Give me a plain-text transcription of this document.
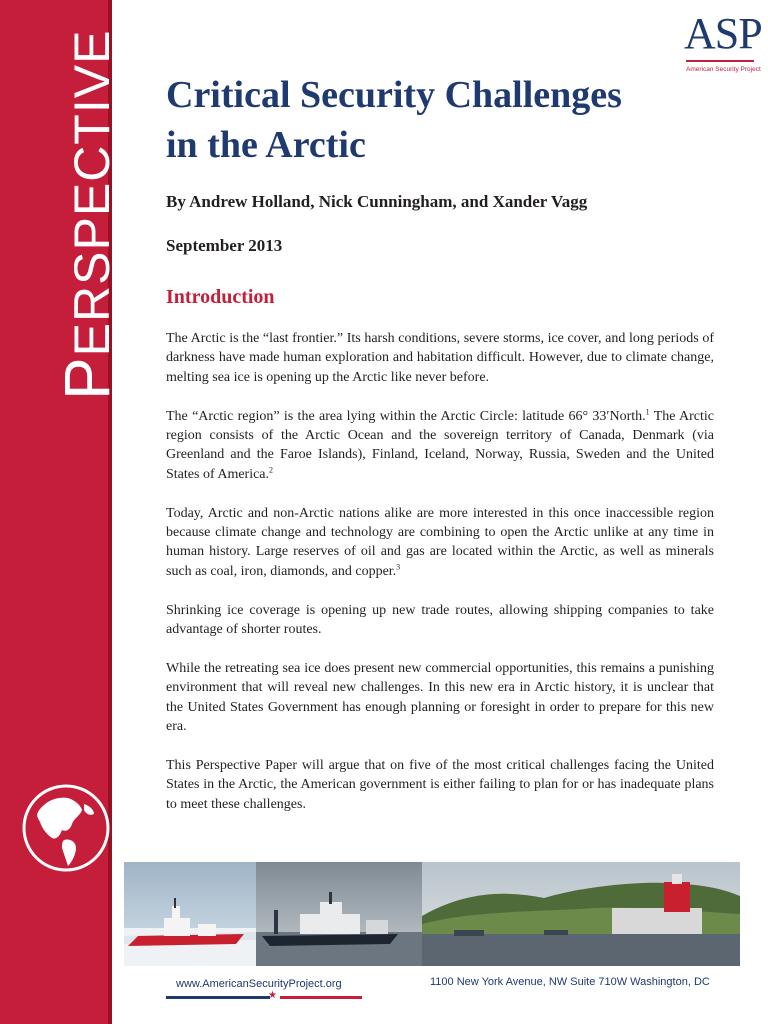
PERSPECTIVE	ASP
American Security Project
Critical Security Challenges
in the Arctic
By Andrew Holland, Nick Cunningham, and Xander Vagg
September 2013
Introduction

The Arctic is the “last frontier.” Its harsh conditions, severe storms, ice cover, and long periods of darkness have made human exploration and habitation difficult. However, due to climate change, melting sea ice is opening up the Arctic like never before.

The “Arctic region” is the area lying within the Arctic Circle: latitude 66° 33′North.$^1$ The Arctic region consists of the Arctic Ocean and the sovereign territory of Canada, Denmark (via Greenland and the Faroe Islands), Finland, Iceland, Norway, Russia, Sweden and the United States of America.$^2$

Today, Arctic and non-Arctic nations alike are more interested in this once inaccessible region because climate change and technology are combining to open the Arctic unlike at any time in human history. Large reserves of oil and gas are located within the Arctic, as well as minerals such as coal, iron, diamonds, and copper.$^3$

Shrinking ice coverage is opening up new trade routes, allowing shipping companies to take advantage of shorter routes.

While the retreating sea ice does present new commercial opportunities, this remains a punishing environment that will reveal new challenges. In this new era in Arctic history, it is unclear that the United States Government has enough planning or foresight in order to prepare for this new era.

This Perspective Paper will argue that on five of the most critical challenges facing the United States in the Arctic, the American government is either failing to plan for or has inadequate plans to meet these challenges.

www.AmericanSecurityProject.org
★
1100 New York Avenue, NW Suite 710W Washington, DC
